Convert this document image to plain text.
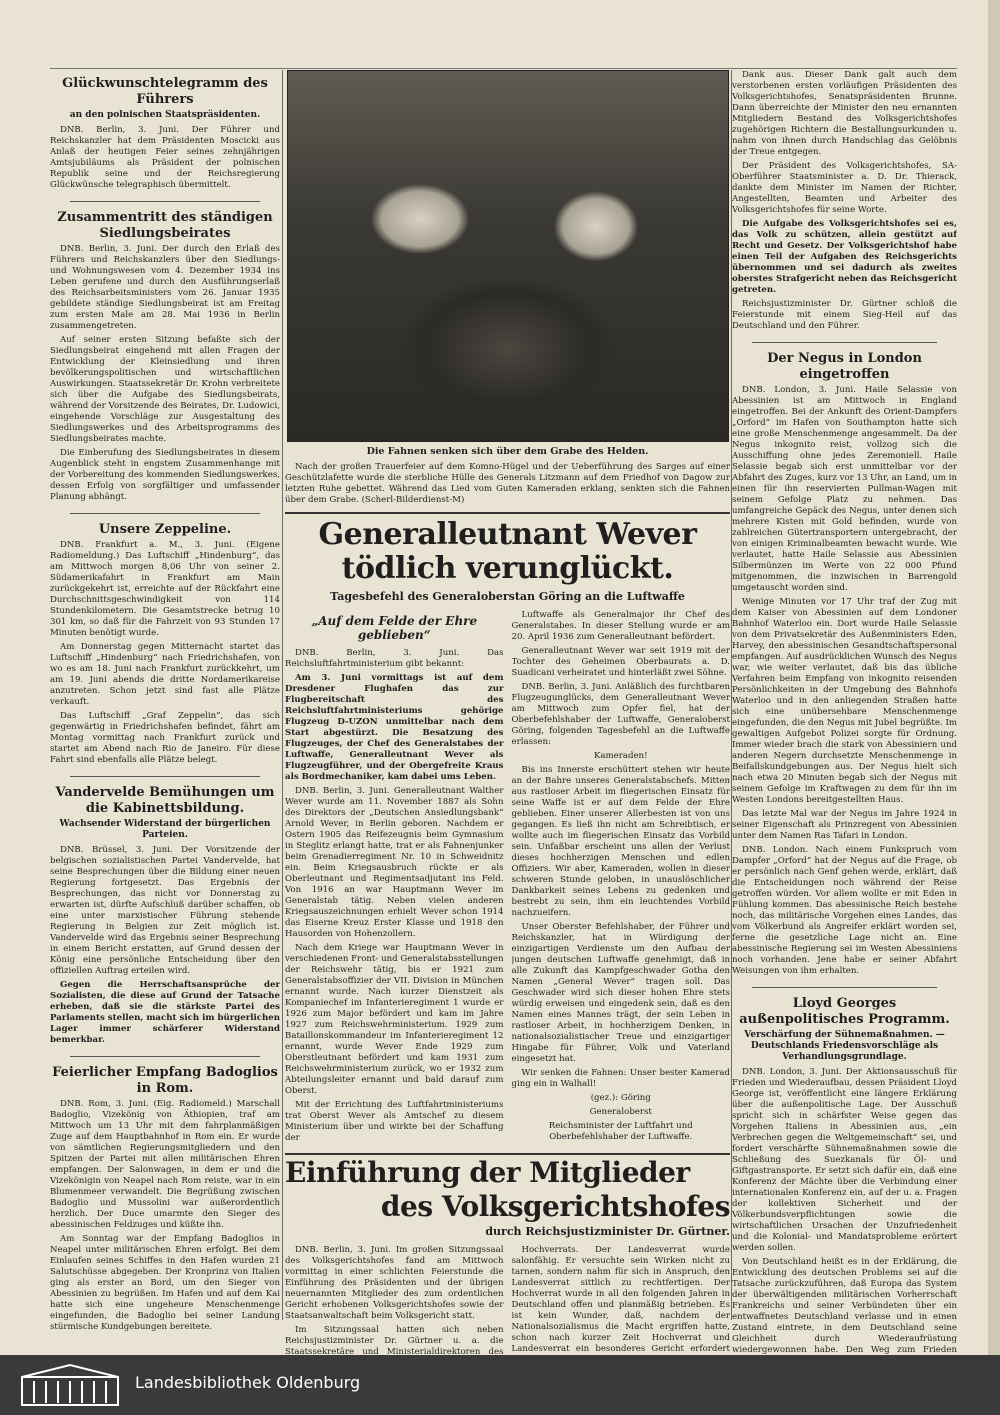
Glückwunschtelegramm des Führers
an den polnischen Staatspräsidenten.

DNB. Berlin, 3. Juni. Der Führer und Reichskanzler hat dem Präsidenten Moscicki aus Anlaß der heutigen Feier seines zehnjährigen Amtsjubiläums als Präsident der polnischen Republik seine und der Reichsregierung Glückwünsche telegraphisch übermittelt.

Zusammentritt des ständigen Siedlungsbeirates

DNB. Berlin, 3. Juni. Der durch den Erlaß des Führers und Reichskanzlers über den Siedlungs- und Wohnungswesen vom 4. Dezember 1934 ins Leben gerufene und durch den Ausführungserlaß des Reichsarbeitsministers vom 26. Januar 1935 gebildete ständige Siedlungsbeirat ist am Freitag zum ersten Male am 28. Mai 1936 in Berlin zusammengetreten.

Auf seiner ersten Sitzung befaßte sich der Siedlungsbeirat eingehend mit allen Fragen der Entwicklung der Kleinsiedlung und ihren bevölkerungspolitischen und wirtschaftlichen Auswirkungen. Staatssekretär Dr. Krohn verbreitete sich über die Aufgabe des Siedlungsbeirats, während der Vorsitzende des Beirates, Dr. Ludowici, eingehende Vorschläge zur Ausgestaltung des Siedlungswerkes und des Arbeitsprogramms des Siedlungsbeirates machte.

Die Einberufung des Siedlungsbeirates in diesem Augenblick steht in engstem Zusammenhange mit der Vorbereitung des kommenden Siedlungswerkes, dessen Erfolg von sorgfältiger und umfassender Planung abhängt.

Unsere Zeppeline.

DNB. Frankfurt a. M., 3. Juni. (Eigene Radiomeldung.) Das Luftschiff „Hindenburg“, das am Mittwoch morgen 8,06 Uhr von seiner 2. Südamerikafahrt in Frankfurt am Main zurückgekehrt ist, erreichte auf der Rückfahrt eine Durchschnittsgeschwindigkeit von 114 Stundenkilometern. Die Gesamtstrecke betrug 10 301 km, so daß für die Fahrzeit von 93 Stunden 17 Minuten benötigt wurde.

Am Donnerstag gegen Mitternacht startet das Luftschiff „Hindenburg“ nach Friedrichshafen, von wo es am 18. Juni nach Frankfurt zurückkehrt, um am 19. Juni abends die dritte Nordamerikareise anzutreten. Schon jetzt sind fast alle Plätze verkauft.

Das Luftschiff „Graf Zeppelin“, das sich gegenwärtig in Friedrichshafen befindet, fährt am Montag vormittag nach Frankfurt zurück und startet am Abend nach Rio de Janeiro. Für diese Fahrt sind ebenfalls alle Plätze belegt.

Vandervelde Bemühungen um die Kabinettsbildung.
Wachsender Widerstand der bürgerlichen Parteien.

DNB. Brüssel, 3. Juni. Der Vorsitzende der belgischen sozialistischen Partei Vandervelde, hat seine Besprechungen über die Bildung einer neuen Regierung fortgesetzt. Das Ergebnis der Besprechungen, das nicht vor Donnerstag zu erwarten ist, dürfte Aufschluß darüber schaffen, ob eine unter marxistischer Führung stehende Regierung in Belgien zur Zeit möglich ist. Vandervelde wird das Ergebnis seiner Besprechung in einem Bericht erstatten, auf Grund dessen der König eine persönliche Entscheidung über den offiziellen Auftrag erteilen wird.

Gegen die Herrschaftsansprüche der Sozialisten, die diese auf Grund der Tatsache erheben, daß sie die stärkste Partei des Parlaments stellen, macht sich im bürgerlichen Lager immer schärferer Widerstand bemerkbar.

Feierlicher Empfang Badoglios in Rom.

DNB. Rom, 3. Juni. (Eig. Radiomeld.) Marschall Badoglio, Vizekönig von Äthiopien, traf am Mittwoch um 13 Uhr mit dem fahrplanmäßigen Zuge auf dem Hauptbahnhof in Rom ein. Er wurde von sämtlichen Regierungsmitgliedern und den Spitzen der Partei mit allen militärischen Ehren empfangen. Der Salonwagen, in dem er und die Vizekönigin von Neapel nach Rom reiste, war in ein Blumenmeer verwandelt. Die Begrüßung zwischen Badoglio und Mussolini war außerordentlich herzlich. Der Duce umarmte den Sieger des abessinischen Feldzuges und küßte ihn.

Am Sonntag war der Empfang Badoglios in Neapel unter militärischen Ehren erfolgt. Bei dem Einlaufen seines Schiffes in den Hafen wurden 21 Salutschüsse abgegeben. Der Kronprinz von Italien ging als erster an Bord, um den Sieger von Abessinien zu begrüßen. Im Hafen und auf dem Kai hatte sich eine ungeheure Menschenmenge eingefunden, die Badoglio bei seiner Landung stürmische Kundgebungen bereitete.

Die Fahnen senken sich über dem Grabe des Helden.

Nach der großen Trauerfeier auf dem Komno-Hügel und der Ueberführung des Sarges auf einer Geschützlafette wurde die sterbliche Hülle des Generals Litzmann auf dem Friedhof von Dagow zur letzten Ruhe gebettet. Während das Lied vom Guten Kameraden erklang, senkten sich die Fahnen über dem Grabe. (Scherl-Bilderdienst-M)

Generalleutnant Wever tödlich verunglückt.
Tagesbefehl des Generaloberstan Göring an die Luftwaffe
„Auf dem Felde der Ehre geblieben“

DNB. Berlin, 3. Juni. Das Reichsluftfahrtministerium gibt bekannt:

Am 3. Juni vormittags ist auf dem Dresdener Flughafen das zur Flugbereitschaft des Reichsluftfahrtministeriums gehörige Flugzeug D-UZON unmittelbar nach dem Start abgestürzt. Die Besatzung des Flugzeuges, der Chef des Generalstabes der Luftwaffe, Generalleutnant Wever als Flugzeugführer, und der Obergefreite Kraus als Bordmechaniker, kam dabei ums Leben.

DNB. Berlin, 3. Juni. Generalleutnant Walther Wever wurde am 11. November 1887 als Sohn des Direktors der „Deutschen Ansiedlungsbank“ Arnold Wever, in Berlin geboren. Nachdem er Ostern 1905 das Reifezeugnis beim Gymnasium in Steglitz erlangt hatte, trat er als Fahnenjunker beim Grenadierregiment Nr. 10 in Schweidnitz ein. Beim Kriegsausbruch rückte er als Oberleutnant und Regimentsadjutant ins Feld. Von 1916 an war Hauptmann Wever im Generalstab tätig. Neben vielen anderen Kriegsauszeichnungen erhielt Wever schon 1914 das Eiserne Kreuz Erster Klasse und 1918 den Hausorden von Hohenzollern.

Nach dem Kriege war Hauptmann Wever in verschiedenen Front- und Generalstabsstellungen der Reichswehr tätig, bis er 1921 zum Generalstabsoffizier der VII. Division in München ernannt wurde. Nach kurzer Dienstzeit als Kompaniechef im Infanterieregiment 1 wurde er 1926 zum Major befördert und kam im Jahre 1927 zum Reichswehrministerium. 1929 zum Bataillonskommandeur im Infanterieregiment 12 ernannt, wurde Wever Ende 1929 zum Oberstleutnant befördert und kam 1931 zum Reichswehrministerium zurück, wo er 1932 zum Abteilungsleiter ernannt und bald darauf zum Oberst.

Mit der Errichtung des Luftfahrtministeriums trat Oberst Wever als Amtschef zu diesem Ministerium über und wirkte bei der Schaffung der

Luftwaffe als Generalmajor ihr Chef des Generalstabes. In dieser Stellung wurde er am 20. April 1936 zum Generalleutnant befördert.

Generalleutnant Wever war seit 1919 mit der Tochter des Geheimen Oberbaurats a. D. Suadicani verheiratet und hinterläßt zwei Söhne.

DNB. Berlin, 3. Juni. Anläßlich des furchtbaren Flugzeugunglücks, dem Generalleutnant Wever am Mittwoch zum Opfer fiel, hat der Oberbefehlshaber der Luftwaffe, Generaloberst Göring, folgenden Tagesbefehl an die Luftwaffe erlassen:

Kameraden!

Bis ins Innerste erschüttert stehen wir heute an der Bahre unseres Generalstabschefs. Mitten aus rastloser Arbeit im fliegerischen Einsatz für seine Waffe ist er auf dem Felde der Ehre geblieben. Einer unserer Allerbesten ist von uns gegangen. Es ließ ihn nicht am Schreibtisch, er wollte auch im fliegerischen Einsatz das Vorbild sein. Unfaßbar erscheint uns allen der Verlust dieses hochherzigen Menschen und edlen Offiziers. Wir aber, Kameraden, wollen in dieser schweren Stunde geloben, in unauslöschlicher Dankbarkeit seines Lebens zu gedenken und bestrebt zu sein, ihm ein leuchtendes Vorbild nachzueifern.

Unser Oberster Befehlshaber, der Führer und Reichskanzler, hat in Würdigung der einzigartigen Verdienste um den Aufbau der jungen deutschen Luftwaffe genehmigt, daß in alle Zukunft das Kampfgeschwader Gotha den Namen „General Wever“ tragen soll. Das Geschwader wird sich dieser hohen Ehre stets würdig erweisen und eingedenk sein, daß es den Namen eines Mannes trägt, der sein Leben in rastloser Arbeit, in hochherzigem Denken, in nationalsozialistischer Treue und einzigartiger Hingabe für Führer, Volk und Vaterland eingesetzt hat.

Wir senken die Fahnen: Unser bester Kamerad ging ein in Walhall!

(gez.): Göring

Generaloberst

Reichsminister der Luftfahrt und Oberbefehlshaber der Luftwaffe.

Einführung der Mitglieder
des Volksgerichtshofes
durch Reichsjustizminister Dr. Gürtner.

DNB. Berlin, 3. Juni. Im großen Sitzungssaal des Volksgerichtshofes fand am Mittwoch vormittag in einer schlichten Feierstunde die Einführung des Präsidenten und der übrigen neuernannten Mitglieder des zum ordentlichen Gericht erhobenen Volksgerichtshofes sowie der Staatsanwaltschaft beim Volksgericht statt.

Im Sitzungssaal hatten sich neben Reichsjustizminister Dr. Gürtner u. a. die Staatssekretäre und Ministerialdirektoren des

Hochverrats. Der Landesverrat wurde salonfähig. Er versuchte sein Wirken nicht zu tarnen, sondern nahm für sich in Anspruch, den Landesverrat sittlich zu rechtfertigen. Der Hochverrat wurde in all den folgenden Jahren in Deutschland offen und planmäßig betrieben. Es ist kein Wunder, daß, nachdem der Nationalsozialismus die Macht ergriffen hatte, schon nach kurzer Zeit Hochverrat und Landesverrat ein besonderes Gericht erfordert

Dank aus. Dieser Dank galt auch dem verstorbenen ersten vorläufigen Präsidenten des Volksgerichtshofes, Senatspräsidenten Brunne. Dann überreichte der Minister den neu ernannten Mitgliedern Bestand des Volksgerichtshofes zugehörigen Richtern die Bestallungsurkunden u. nahm von ihnen durch Handschlag das Gelöbnis der Treue entgegen.

Der Präsident des Volksgerichtshofes, SA-Oberführer Staatsminister a. D. Dr. Thierack, dankte dem Minister im Namen der Richter, Angestellten, Beamten und Arbeiter des Volksgerichtshofes für seine Worte.

Die Aufgabe des Volksgerichtshofes sei es, das Volk zu schützen, allein gestützt auf Recht und Gesetz. Der Volksgerichtshof habe einen Teil der Aufgaben des Reichsgerichts übernommen und sei dadurch als zweites oberstes Strafgericht neben das Reichsgericht getreten.

Reichsjustizminister Dr. Gürtner schloß die Feierstunde mit einem Sieg-Heil auf das Deutschland und den Führer.

Der Negus in London eingetroffen

DNB. London, 3. Juni. Haile Selassie von Abessinien ist am Mittwoch in England eingetroffen. Bei der Ankunft des Orient-Dampfers „Orford“ im Hafen von Southampton hatte sich eine große Menschenmenge angesammelt. Da der Negus inkognito reist, vollzog sich die Ausschiffung ohne jedes Zeremoniell. Haile Selassie begab sich erst unmittelbar vor der Abfahrt des Zuges, kurz vor 13 Uhr, an Land, um in einen für ihn reservierten Pullman-Wagen mit seinem Gefolge Platz zu nehmen. Das umfangreiche Gepäck des Negus, unter denen sich mehrere Kisten mit Gold befinden, wurde von zahlreichen Gütertransportern untergebracht, der von einigen Kriminalbeamten bewacht wurde. Wie verlautet, hatte Haile Selassie aus Abessinien Silbermünzen im Werte von 22 000 Pfund mitgenommen, die inzwischen in Barrengold umgetauscht worden sind.

Wenige Minuten vor 17 Uhr traf der Zug mit dem Kaiser von Abessinien auf dem Londoner Bahnhof Waterloo ein. Dort wurde Haile Selassie von dem Privatsekretär des Außenministers Eden, Harvey, den abessinischen Gesandtschaftspersonal empfangen. Auf ausdrücklichen Wunsch des Negus war, wie weiter verlautet, daß bis das übliche Verfahren beim Empfang von inkognito reisenden Persönlichkeiten in der Umgebung des Bahnhofs Waterloo und in den anliegenden Straßen hatte sich eine unübersehbare Menschenmenge eingefunden, die den Negus mit Jubel begrüßte. Im gewaltigen Aufgebot Polizei sorgte für Ordnung. Immer wieder brach die stark von Abessiniern und anderen Negern durchsetzte Menschenmenge in Beifallskundgebungen aus. Der Negus hielt sich nach etwa 20 Minuten begab sich der Negus mit seinem Gefolge im Kraftwagen zu dem für ihn im Westen Londons bereitgestellten Haus.

Das letzte Mal war der Negus im Jahre 1924 in seiner Eigenschaft als Prinzregent von Abessinien unter dem Namen Ras Tafari in London.

DNB. London. Nach einem Funkspruch vom Dampfer „Orford“ hat der Negus auf die Frage, ob er persönlich nach Genf gehen werde, erklärt, daß die Entscheidungen noch während der Reise getroffen würden. Vor allem wollte er mit Eden in Fühlung kommen. Das abessinische Reich bestehe noch, das militärische Vorgehen eines Landes, das vom Völkerbund als Angreifer erklärt worden sei, ferne die gesetzliche Lage nicht an. Eine abessinische Regierung sei im Westen Abessiniens noch vorhanden. Jene habe er seiner Abfahrt Weisungen von ihm erhalten.

Lloyd Georges außenpolitisches Programm.
Verschärfung der Sühnemaßnahmen. — Deutschlands Friedensvorschläge als Verhandlungsgrundlage.

DNB. London, 3. Juni. Der Aktionsausschuß für Frieden und Wiederaufbau, dessen Präsident Lloyd George ist, veröffentlicht eine längere Erklärung über die außenpolitische Lage. Der Ausschuß spricht sich in schärfster Weise gegen das Vorgehen Italiens in Abessinien aus, „ein Verbrechen gegen die Weltgemeinschaft“ sei, und fordert verschärfte Sühnemaßnahmen sowie die Schließung des Suezkanals für Öl- und Giftgastransporte. Er setzt sich dafür ein, daß eine Konferenz der Mächte über die Verbindung einer internationalen Konferenz ein, auf der u. a. Fragen der kollektiven Sicherheit und der Völkerbundsverpflichtungen sowie die wirtschaftlichen Ursachen der Unzufriedenheit und die Kolonial- und Mandatsprobleme erörtert werden sollen.

Von Deutschland heißt es in der Erklärung, die Entwicklung des deutschen Problems sei auf die Tatsache zurückzuführen, daß Europa das System der überwältigenden militärischen Vorherrschaft Frankreichs und seiner Verbündeten über ein entwaffnetes Deutschland verlasse und in einen Zustand eintrete, in dem Deutschland seine Gleichheit durch Wiederaufrüstung wiedergewonnen habe. Den Weg zum Frieden

Landesbibliothek Oldenburg
